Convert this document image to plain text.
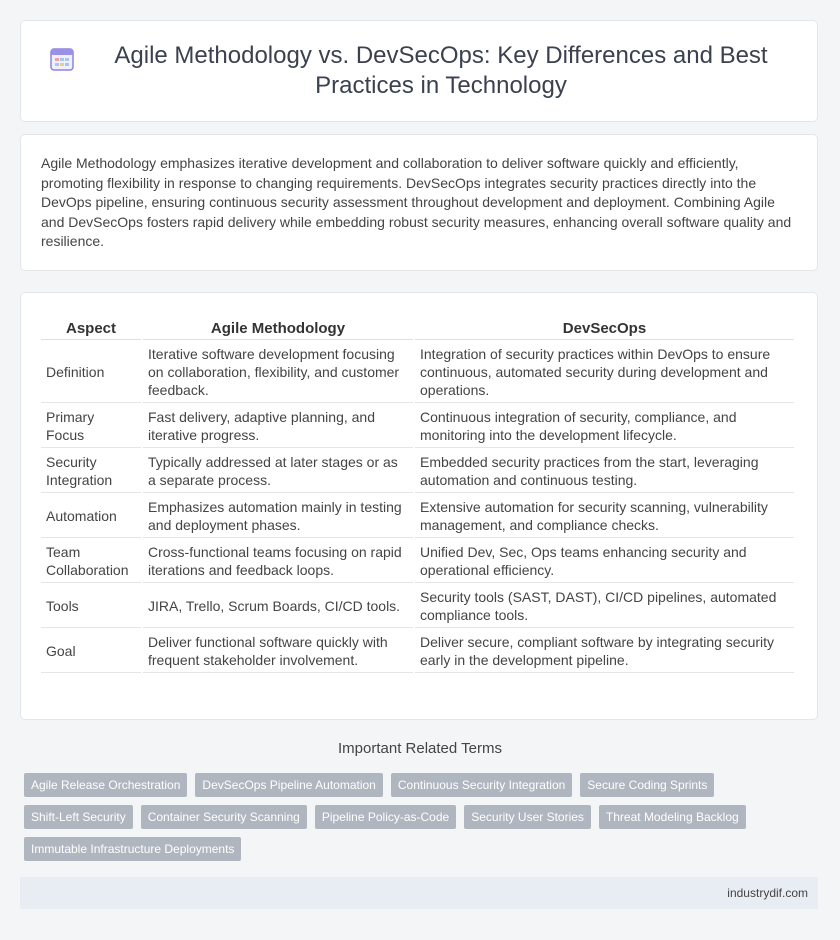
Agile Methodology vs. DevSecOps: Key Differences and Best Practices in Technology

Agile Methodology emphasizes iterative development and collaboration to deliver software quickly and efficiently, promoting flexibility in response to changing requirements. DevSecOps integrates security practices directly into the DevOps pipeline, ensuring continuous security assessment throughout development and deployment. Combining Agile and DevSecOps fosters rapid delivery while embedding robust security measures, enhancing overall software quality and resilience.

Aspect	Agile Methodology	DevSecOps
Definition	Iterative software development focusing on collaboration, flexibility, and customer feedback.	Integration of security practices within DevOps to ensure continuous, automated security during development and operations.
Primary Focus	Fast delivery, adaptive planning, and iterative progress.	Continuous integration of security, compliance, and monitoring into the development lifecycle.
Security Integration	Typically addressed at later stages or as a separate process.	Embedded security practices from the start, leveraging automation and continuous testing.
Automation	Emphasizes automation mainly in testing and deployment phases.	Extensive automation for security scanning, vulnerability management, and compliance checks.
Team Collaboration	Cross-functional teams focusing on rapid iterations and feedback loops.	Unified Dev, Sec, Ops teams enhancing security and operational efficiency.
Tools	JIRA, Trello, Scrum Boards, CI/CD tools.	Security tools (SAST, DAST), CI/CD pipelines, automated compliance tools.
Goal	Deliver functional software quickly with frequent stakeholder involvement.	Deliver secure, compliant software by integrating security early in the development pipeline.
Important Related Terms
Agile Release Orchestration	DevSecOps Pipeline Automation	Continuous Security Integration	Secure Coding Sprints
Shift-Left Security	Container Security Scanning	Pipeline Policy-as-Code	Security User Stories	Threat Modeling Backlog
Immutable Infrastructure Deployments
industrydif.com
